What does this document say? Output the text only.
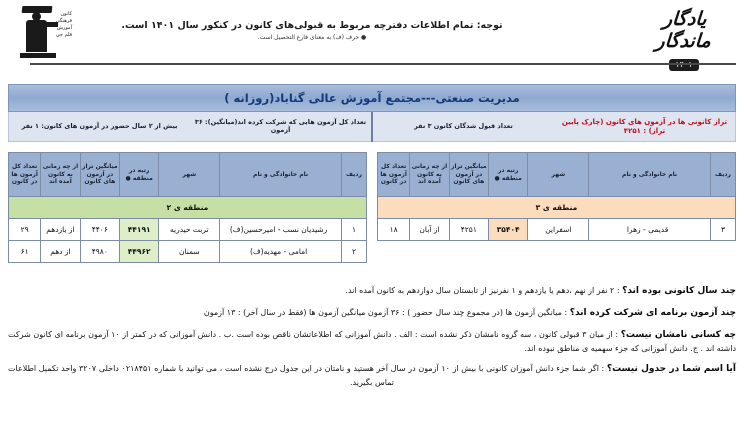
کانون
فرهنگی
آموزش
قلم چی
توجه: تمام اطلاعات دفترچه مربوط به قبولی‌های کانون در کنکور سال ۱۴۰۱ است.
● حرف (ف) به معنای فارغ التحصیل است.
یادگار ماندگار
مدیریت صنعتی---مجتمع آموزش عالی گناباد(روزانه )
تراز کانونی ها در آزمون های کانون (چارک پایین تراز) : ۴۲۵۱
تعداد قبول شدگان کانون ۳ نفر
تعداد کل آزمون هایی که شرکت کرده اند(میانگین): ۳۶ آزمون
بیش از ۲ سال حضور در آزمون های کانون: ۱ نفر
ردیف	نام خانوادگی و نام	شهر	رتبه در منطقه ●	میانگین تراز در آزمون های کانون	از چه زمانی به کانون آمده اند	تعداد کل آزمون ها در کانون
منطقه ی ۲						
۱	رشیدیان نسب - امیرحسین(ف)	تربت حیدریه	۴۴۱۹۱	۴۴۰۶	از یازدهم	۲۹
۲	امامی - مهدیه(ف)	سمنان	۴۴۹۶۲	۴۹۸۰	از دهم	۶۱
ردیف	نام خانوادگی و نام	شهر	رتبه در منطقه ●	میانگین تراز در آزمون های کانون	از چه زمانی به کانون آمده اند	تعداد کل آزمون ها در کانون
منطقه ی ۳						
۳	قدیمی - زهرا	اسفراین	۳۵۴۰۴	۴۲۵۱	از آبان	۱۸

چند سال کانونی بوده اند؟ : ۲ نفر از نهم ،دهم یا یازدهم و ۱ نفرنیز از تابستان سال دوازدهم به کانون آمده اند.

چند آزمون برنامه ای شرکت کرده اند؟ : میانگین آزمون ها (در مجموع چند سال حضور ) : ۳۶ آزمون میانگین آزمون ها (فقط در سال آخر) : ۱۳ آزمون

چه کسانی نامشان نیست؟ : از میان ۳ قبولی کانون ، سه گروه نامشان ذکر نشده است : الف . دانش آموزانی که اطلاعاتشان ناقص بوده است .ب . دانش آموزانی که در کمتر از ۱۰ آزمون برنامه ای کانون شرکت داشته اند . ج. دانش آموزانی که جزء سهمیه ی مناطق نبوده اند.

آیا اسم شما در جدول نیست؟ : اگر شما جزء دانش آموزان کانونی با بیش از ۱۰ آزمون در سال آخر هستید و نامتان در این جدول درج نشده است ، می توانید با شماره ۰۲۱۸۴۵۱ داخلی ۳۲۰۷ واحد تکمیل اطلاعات تماس بگیرید.
